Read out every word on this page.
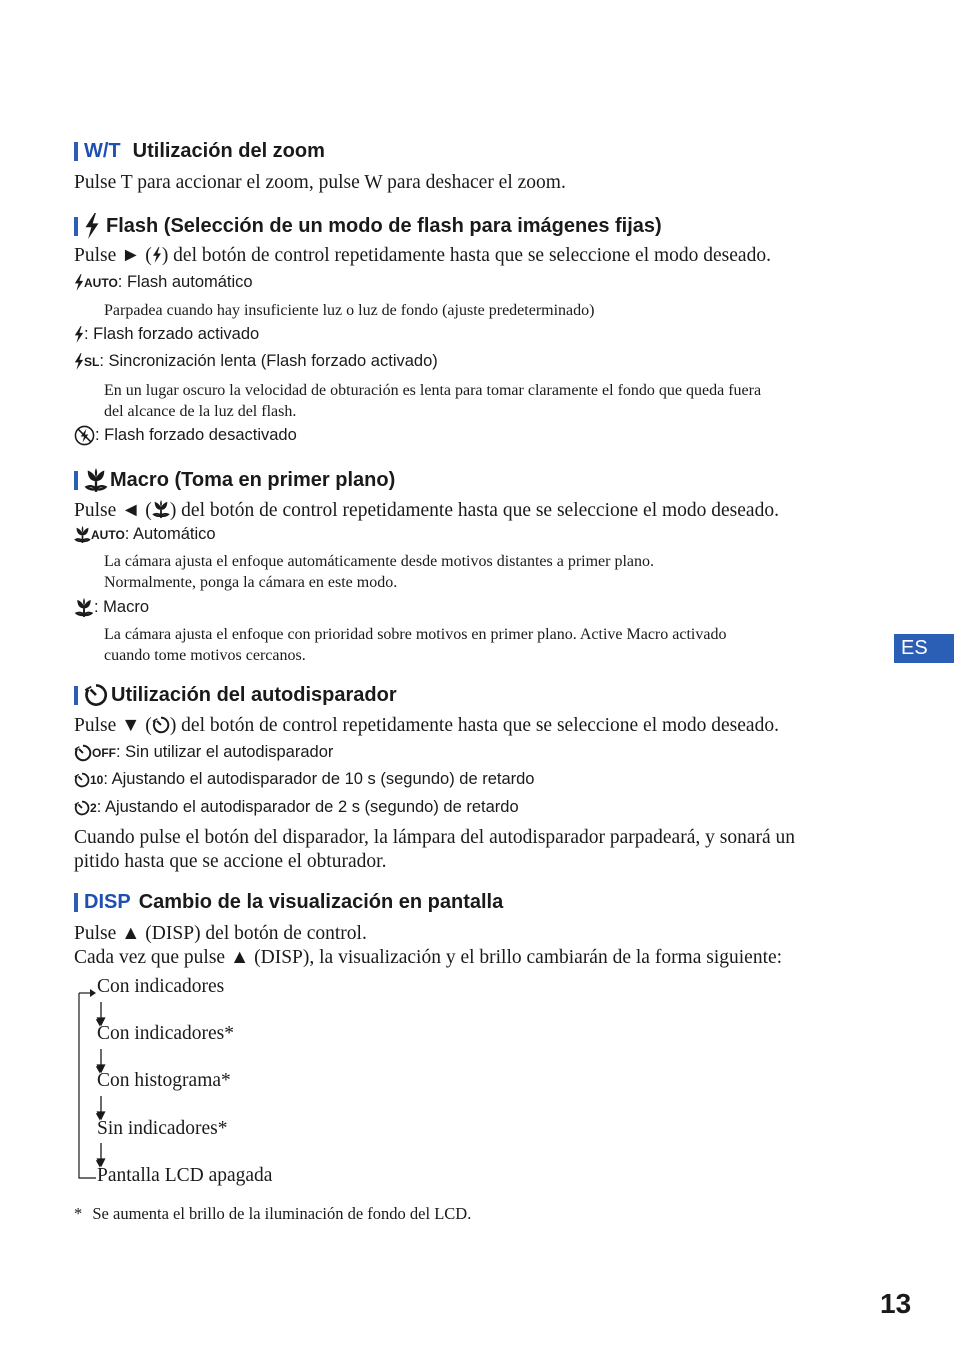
W/T Utilización del zoom
Pulse T para accionar el zoom, pulse W para deshacer el zoom.
Flash (Selección de un modo de flash para imágenes fijas)
Pulse ► ( ) del botón de control repetidamente hasta que se seleccione el modo deseado.
AUTO : Flash automático
Parpadea cuando hay insuficiente luz o luz de fondo (ajuste predeterminado)
: Flash forzado activado
SL : Sincronización lenta (Flash forzado activado)
En un lugar oscuro la velocidad de obturación es lenta para tomar claramente el fondo que queda fuera
del alcance de la luz del flash.
: Flash forzado desactivado
Macro (Toma en primer plano)
Pulse ◄ ( ) del botón de control repetidamente hasta que se seleccione el modo deseado.
AUTO : Automático
La cámara ajusta el enfoque automáticamente desde motivos distantes a primer plano.
Normalmente, ponga la cámara en este modo.
: Macro
La cámara ajusta el enfoque con prioridad sobre motivos en primer plano. Active Macro activado
cuando tome motivos cercanos.
Utilización del autodisparador
Pulse ▼ ( ) del botón de control repetidamente hasta que se seleccione el modo deseado.
OFF : Sin utilizar el autodisparador
10 : Ajustando el autodisparador de 10 s (segundo) de retardo
2 : Ajustando el autodisparador de 2 s (segundo) de retardo
Cuando pulse el botón del disparador, la lámpara del autodisparador parpadeará, y sonará un
pitido hasta que se accione el obturador.
DISP Cambio de la visualización en pantalla
Pulse ▲ (DISP) del botón de control.
Cada vez que pulse ▲ (DISP), la visualización y el brillo cambiarán de la forma siguiente:
Con indicadores
Con indicadores*
Con histograma*
Sin indicadores*
Pantalla LCD apagada
* Se aumenta el brillo de la iluminación de fondo del LCD.
ES
13
